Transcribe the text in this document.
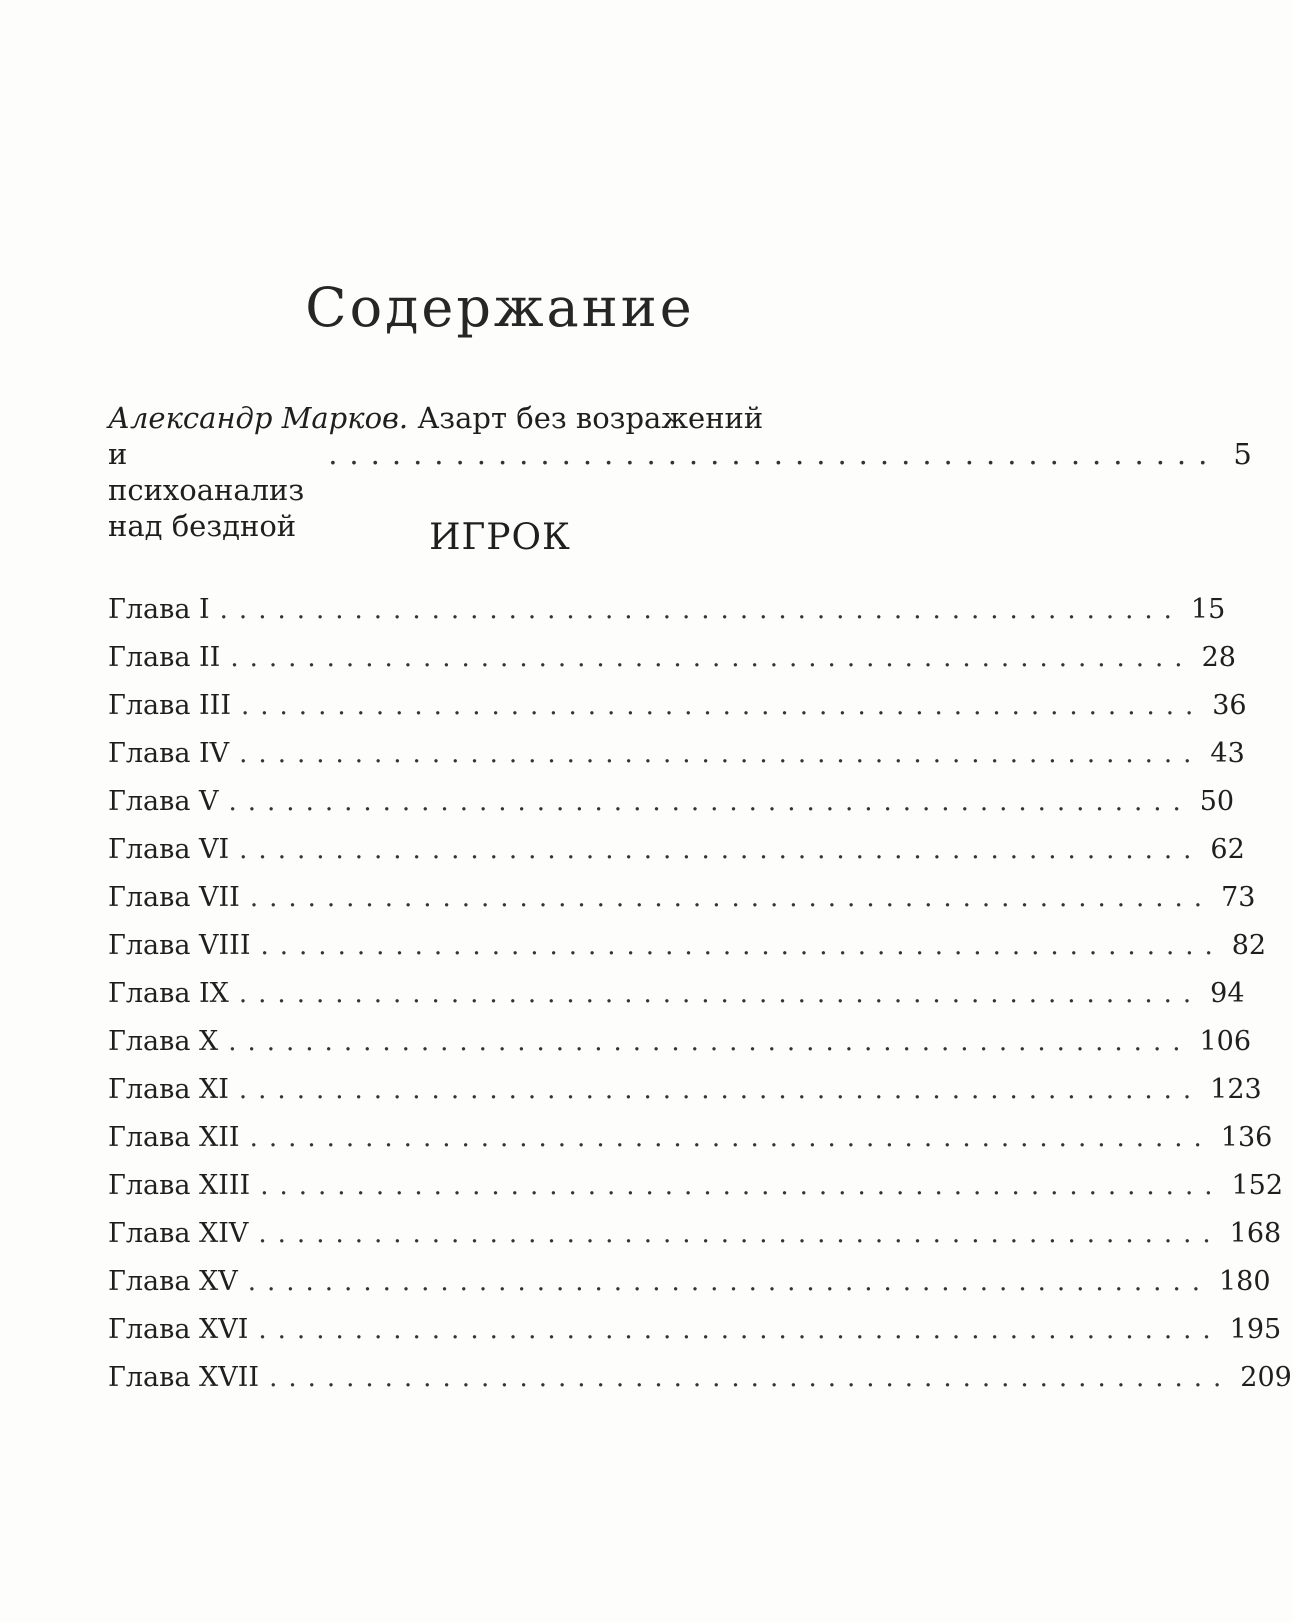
Содержание
Александр Марков. Азарт без возражений
и психоанализ над бездной
.......................................... 5
ИГРОК
Глава I .................................................. 15
Глава II .................................................. 28
Глава III .................................................. 36
Глава IV .................................................. 43
Глава V .................................................. 50
Глава VI .................................................. 62
Глава VII .................................................. 73
Глава VIII .................................................. 82
Глава IX .................................................. 94
Глава X .................................................. 106
Глава XI .................................................. 123
Глава XII .................................................. 136
Глава XIII .................................................. 152
Глава XIV .................................................. 168
Глава XV .................................................. 180
Глава XVI .................................................. 195
Глава XVII .................................................. 209
